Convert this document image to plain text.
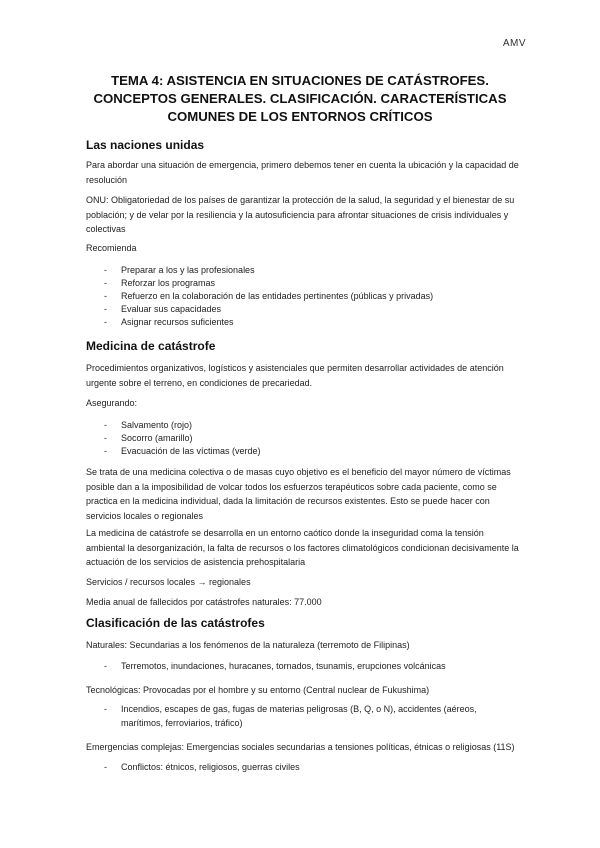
AMV
TEMA 4: ASISTENCIA EN SITUACIONES DE CATÁSTROFES. CONCEPTOS GENERALES. CLASIFICACIÓN. CARACTERÍSTICAS COMUNES DE LOS ENTORNOS CRÍTICOS
Las naciones unidas
Para abordar una situación de emergencia, primero debemos tener en cuenta la ubicación y la capacidad de resolución
ONU: Obligatoriedad de los países de garantizar la protección de la salud, la seguridad y el bienestar de su población; y de velar por la resiliencia y la autosuficiencia para afrontar situaciones de crisis individuales y colectivas
Recomienda
- Preparar a los y las profesionales
- Reforzar los programas
- Refuerzo en la colaboración de las entidades pertinentes (públicas y privadas)
- Evaluar sus capacidades
- Asignar recursos suficientes
Medicina de catástrofe
Procedimientos organizativos, logísticos y asistenciales que permiten desarrollar actividades de atención urgente sobre el terreno, en condiciones de precariedad.
Asegurando:
- Salvamento (rojo)
- Socorro (amarillo)
- Evacuación de las víctimas (verde)
Se trata de una medicina colectiva o de masas cuyo objetivo es el beneficio del mayor número de víctimas posible dan a la imposibilidad de volcar todos los esfuerzos terapéuticos sobre cada paciente, como se practica en la medicina individual, dada la limitación de recursos existentes. Esto se puede hacer con servicios locales o regionales
La medicina de catástrofe se desarrolla en un entorno caótico donde la inseguridad coma la tensión ambiental la desorganización, la falta de recursos o los factores climatológicos condicionan decisivamente la actuación de los servicios de asistencia prehospitalaria
Servicios / recursos locales → regionales
Media anual de fallecidos por catástrofes naturales: 77.000
Clasificación de las catástrofes
Naturales: Secundarias a los fenómenos de la naturaleza (terremoto de Filipinas)
- Terremotos, inundaciones, huracanes, tornados, tsunamis, erupciones volcánicas
Tecnológicas: Provocadas por el hombre y su entorno (Central nuclear de Fukushima)
- Incendios, escapes de gas, fugas de materias peligrosas (B, Q, o N), accidentes (aéreos, marítimos, ferroviarios, tráfico)
Emergencias complejas: Emergencias sociales secundarias a tensiones políticas, étnicas o religiosas (11S)
- Conflictos: étnicos, religiosos, guerras civiles
